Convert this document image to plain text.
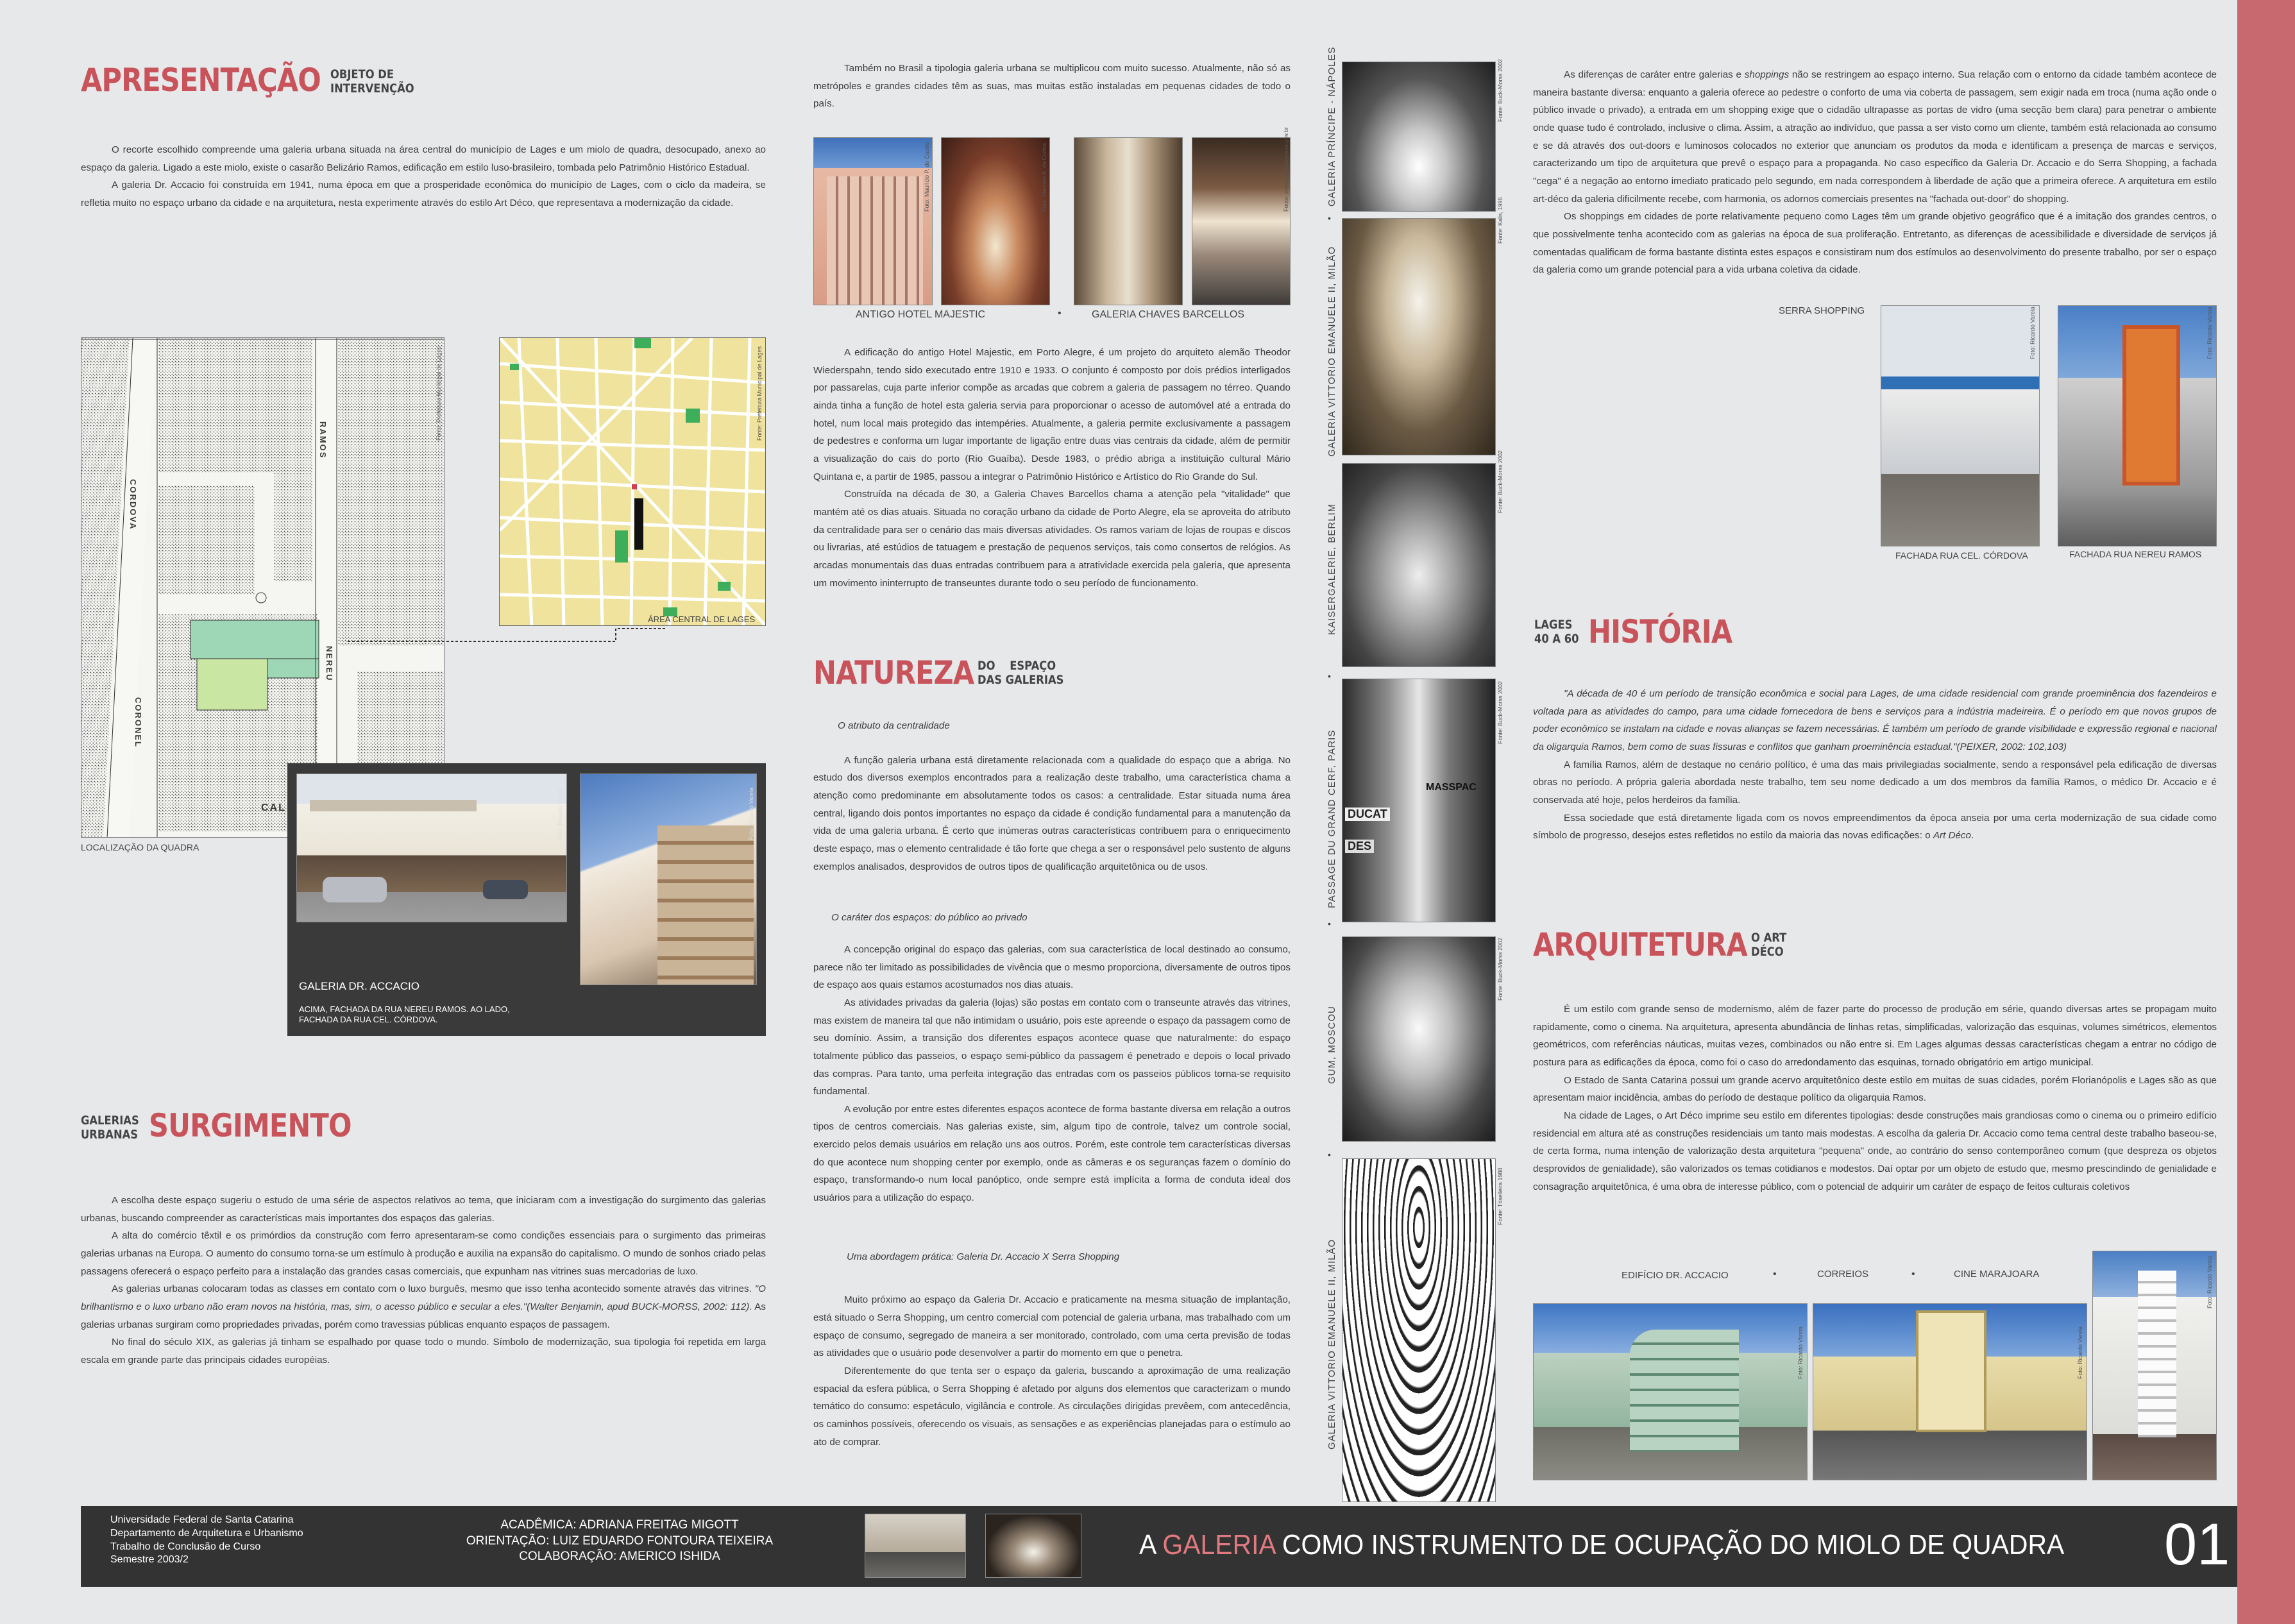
APRESENTAÇÃO OBJETO DE
INTERVENÇÃO

O recorte escolhido compreende uma galeria urbana situada na área central do município de Lages e um miolo de quadra, desocupado, anexo ao espaço da galeria. Ligado a este miolo, existe o casarão Belizário Ramos, edificação em estilo luso-brasileiro, tombada pelo Patrimônio Histórico Estadual.

A galeria Dr. Accacio foi construída em 1941, numa época em que a prosperidade econômica do município de Lages, com o ciclo da madeira, se refletia muito no espaço urbano da cidade e na arquitetura, nesta experimente através do estilo Art Déco, que representava a modernização da cidade.

CORDOVA
RAMOS
NEREU
CORONEL
CAL
Fonte: Prefeitura Municipal de Lages
LOCALIZAÇÃO DA QUADRA
Fonte: Prefeitura Municipal de Lages
ÁREA CENTRAL DE LAGES
Foto: Ricardo Varela	Foto: Ricardo Varela
GALERIA DR. ACCACIO
ACIMA, FACHADA DA RUA NEREU RAMOS. AO LADO, FACHADA DA RUA CEL. CÓRDOVA.
GALERIAS
URBANAS SURGIMENTO

A escolha deste espaço sugeriu o estudo de uma série de aspectos relativos ao tema, que iniciaram com a investigação do surgimento das galerias urbanas, buscando compreender as características mais importantes dos espaços das galerias.

A alta do comércio têxtil e os primórdios da construção com ferro apresentaram-se como condições essenciais para o surgimento das primeiras galerias urbanas na Europa. O aumento do consumo torna-se um estímulo à produção e auxilia na expansão do capitalismo. O mundo de sonhos criado pelas passagens oferecerá o espaço perfeito para a instalação das grandes casas comerciais, que expunham nas vitrines suas mercadorias de luxo.

As galerias urbanas colocaram todas as classes em contato com o luxo burguês, mesmo que isso tenha acontecido somente através das vitrines. "O brilhantismo e o luxo urbano não eram novos na história, mas, sim, o acesso público e secular a eles."(Walter Benjamin, apud BUCK-MORSS, 2002: 112). As galerias urbanas surgiram como propriedades privadas, porém como travessias públicas enquanto espaços de passagem.

No final do século XIX, as galerias já tinham se espalhado por quase todo o mundo. Símbolo de modernização, sua tipologia foi repetida em larga escala em grande parte das principais cidades européias.

Também no Brasil a tipologia galeria urbana se multiplicou com muito sucesso. Atualmente, não só as metrópoles e grandes cidades têm as suas, mas muitas estão instaladas em pequenas cidades de todo o país.

Foto: Mauricio P. de Castro	Foto: Marcelo A. da Cunha	Fonte: www.portoalegre.rs.gov.br
ANTIGO HOTEL MAJESTIC	•	GALERIA CHAVES BARCELLOS

A edificação do antigo Hotel Majestic, em Porto Alegre, é um projeto do arquiteto alemão Theodor Wiederspahn, tendo sido executado entre 1910 e 1933. O conjunto é composto por dois prédios interligados por passarelas, cuja parte inferior compõe as arcadas que cobrem a galeria de passagem no térreo. Quando ainda tinha a função de hotel esta galeria servia para proporcionar o acesso de automóvel até a entrada do hotel, num local mais protegido das intempéries. Atualmente, a galeria permite exclusivamente a passagem de pedestres e conforma um lugar importante de ligação entre duas vias centrais da cidade, além de permitir a visualização do cais do porto (Rio Guaíba). Desde 1983, o prédio abriga a instituição cultural Mário Quintana e, a partir de 1985, passou a integrar o Patrimônio Histórico e Artístico do Rio Grande do Sul.

Construída na década de 30, a Galeria Chaves Barcellos chama a atenção pela "vitalidade" que mantém até os dias atuais. Situada no coração urbano da cidade de Porto Alegre, ela se aproveita do atributo da centralidade para ser o cenário das mais diversas atividades. Os ramos variam de lojas de roupas e discos ou livrarias, até estúdios de tatuagem e prestação de pequenos serviços, tais como consertos de relógios. As arcadas monumentais das duas entradas contribuem para a atratividade exercida pela galeria, que apresenta um movimento ininterrupto de transeuntes durante todo o seu período de funcionamento.

NATUREZA DO    ESPAÇO
DAS GALERIAS
O atributo da centralidade

A função galeria urbana está diretamente relacionada com a qualidade do espaço que a abriga. No estudo dos diversos exemplos encontrados para a realização deste trabalho, uma característica chama a atenção como predominante em absolutamente todos os casos: a centralidade. Estar situada numa área central, ligando dois pontos importantes no espaço da cidade é condição fundamental para a manutenção da vida de uma galeria urbana. É certo que inúmeras outras características contribuem para o enriquecimento deste espaço, mas o elemento centralidade é tão forte que chega a ser o responsável pelo sustento de alguns exemplos analisados, desprovidos de outros tipos de qualificação arquitetônica ou de usos.

O caráter dos espaços: do público ao privado

A concepção original do espaço das galerias, com sua característica de local destinado ao consumo, parece não ter limitado as possibilidades de vivência que o mesmo proporciona, diversamente de outros tipos de espaço aos quais estamos acostumados nos dias atuais.

As atividades privadas da galeria (lojas) são postas em contato com o transeunte através das vitrines, mas existem de maneira tal que não intimidam o usuário, pois este apreende o espaço da passagem como de seu domínio. Assim, a transição dos diferentes espaços acontece quase que naturalmente: do espaço totalmente público das passeios, o espaço semi-público da passagem é penetrado e depois o local privado das compras. Para tanto, uma perfeita integração das entradas com os passeios públicos torna-se requisito fundamental.

A evolução por entre estes diferentes espaços acontece de forma bastante diversa em relação a outros tipos de centros comerciais. Nas galerias existe, sim, algum tipo de controle, talvez um controle social, exercido pelos demais usuários em relação uns aos outros. Porém, este controle tem características diversas do que acontece num shopping center por exemplo, onde as câmeras e os seguranças fazem o domínio do espaço, transformando-o num local panóptico, onde sempre está implícita a forma de conduta ideal dos usuários para a utilização do espaço.

Uma abordagem prática: Galeria Dr. Accacio X Serra Shopping

Muito próximo ao espaço da Galeria Dr. Accacio e praticamente na mesma situação de implantação, está situado o Serra Shopping, um centro comercial com potencial de galeria urbana, mas trabalhado com um espaço de consumo, segregado de maneira a ser monitorado, controlado, com uma certa previsão de todas as atividades que o usuário pode desenvolver a partir do momento em que o penetra.

Diferentemente do que tenta ser o espaço da galeria, buscando a aproximação de uma realização espacial da esfera pública, o Serra Shopping é afetado por alguns dos elementos que caracterizam o mundo temático do consumo: espetáculo, vigilância e controle. As circulações dirigidas prevêem, com antecedência, os caminhos possíveis, oferecendo os visuais, as sensações e as experiências planejadas para o estímulo ao ato de comprar.

DUCAT
MASSPAC
DES
GALERIA PRÍNCIPE - NÁPOLES
GALERIA VITTORIO EMANUELE II, MILÃO
KAISERGALERIE, BERLIM
PASSAGE DU GRAND CERF, PARIS
GUM, MOSCOU
GALERIA VITTORIO EMANUELE II, MILÃO
•
•
•
•
Fonte: Buck-Morss 2002
Fonte: Kalis, 1996
Fonte: Buck-Morss 2002
Fonte: Buck-Morss 2002
Fonte: Buck-Morss 2002
Fonte: Tóselleira 1988

As diferenças de caráter entre galerias e shoppings não se restringem ao espaço interno. Sua relação com o entorno da cidade também acontece de maneira bastante diversa: enquanto a galeria oferece ao pedestre o conforto de uma via coberta de passagem, sem exigir nada em troca (numa ação onde o público invade o privado), a entrada em um shopping exige que o cidadão ultrapasse as portas de vidro (uma secção bem clara) para penetrar o ambiente onde quase tudo é controlado, inclusive o clima. Assim, a atração ao indivíduo, que passa a ser visto como um cliente, também está relacionada ao consumo e se dá através dos out-doors e luminosos colocados no exterior que anunciam os produtos da moda e identificam a presença de marcas e serviços, caracterizando um tipo de arquitetura que prevê o espaço para a propaganda. No caso específico da Galeria Dr. Accacio e do Serra Shopping, a fachada "cega" é a negação ao entorno imediato praticado pelo segundo, em nada correspondem à liberdade de ação que a primeira oferece. A arquitetura em estilo art-déco da galeria dificilmente recebe, com harmonia, os adornos comerciais presentes na "fachada out-door" do shopping.

Os shoppings em cidades de porte relativamente pequeno como Lages têm um grande objetivo geográfico que é a imitação dos grandes centros, o que possivelmente tenha acontecido com as galerias na época de sua proliferação. Entretanto, as diferenças de acessibilidade e diversidade de serviços já comentadas qualificam de forma bastante distinta estes espaços e consistiram num dos estímulos ao desenvolvimento do presente trabalho, por ser o espaço da galeria como um grande potencial para a vida urbana coletiva da cidade.

SERRA SHOPPING	Foto: Ricardo Varela	Foto: Ricardo Varela
FACHADA RUA CEL. CÓRDOVA	FACHADA RUA NEREU RAMOS
LAGES
40 A 60 HISTÓRIA

"A década de 40 é um período de transição econômica e social para Lages, de uma cidade residencial com grande proeminência dos fazendeiros e voltada para as atividades do campo, para uma cidade fornecedora de bens e serviços para a indústria madeireira. É o período em que novos grupos de poder econômico se instalam na cidade e novas alianças se fazem necessárias. É também um período de grande visibilidade e expressão regional e nacional da oligarquia Ramos, bem como de suas fissuras e conflitos que ganham proeminência estadual."(PEIXER, 2002: 102,103)

A família Ramos, além de destaque no cenário político, é uma das mais privilegiadas socialmente, sendo a responsável pela edificação de diversas obras no período. A própria galeria abordada neste trabalho, tem seu nome dedicado a um dos membros da família Ramos, o médico Dr. Accacio e é conservada até hoje, pelos herdeiros da família.

Essa sociedade que está diretamente ligada com os novos empreendimentos da época anseia por uma certa modernização de sua cidade como símbolo de progresso, desejos estes refletidos no estilo da maioria das novas edificações: o Art Déco.

ARQUITETURA O ART
DÉCO

É um estilo com grande senso de modernismo, além de fazer parte do processo de produção em série, quando diversas artes se propagam muito rapidamente, como o cinema. Na arquitetura, apresenta abundância de linhas retas, simplificadas, valorização das esquinas, volumes simétricos, elementos geométricos, com referências náuticas, muitas vezes, combinados ou não entre si. Em Lages algumas dessas características chegam a entrar no código de postura para as edificações da época, como foi o caso do arredondamento das esquinas, tornado obrigatório em artigo municipal.

O Estado de Santa Catarina possui um grande acervo arquitetônico deste estilo em muitas de suas cidades, porém Florianópolis e Lages são as que apresentam maior incidência, ambas do período de destaque político da oligarquia Ramos.

Na cidade de Lages, o Art Déco imprime seu estilo em diferentes tipologias: desde construções mais grandiosas como o cinema ou o primeiro edifício residencial em altura até as construções residenciais um tanto mais modestas. A escolha da galeria Dr. Accacio como tema central deste trabalho baseou-se, de certa forma, numa intenção de valorização desta arquitetura "pequena" onde, ao contrário do senso contemporâneo comum (que despreza os objetos desprovidos de genialidade), são valorizados os temas cotidianos e modestos. Daí optar por um objeto de estudo que, mesmo prescindindo de genialidade e consagração arquitetônica, é uma obra de interesse público, com o potencial de adquirir um caráter de espaço de feitos culturais coletivos

EDIFÍCIO DR. ACCACIO	•	CORREIOS	•	CINE MARAJOARA
Foto: Ricardo Varela	Foto: Ricardo Varela
Foto: Ricardo Varela
Universidade Federal de Santa Catarina
Departamento de Arquitetura e Urbanismo
Trabalho de Conclusão de Curso
Semestre 2003/2
ACADÊMICA: ADRIANA FREITAG MIGOTT
ORIENTAÇÃO: LUIZ EDUARDO FONTOURA TEIXEIRA
COLABORAÇÃO: AMERICO ISHIDA	A GALERIA COMO INSTRUMENTO DE OCUPAÇÃO DO MIOLO DE QUADRA 01
